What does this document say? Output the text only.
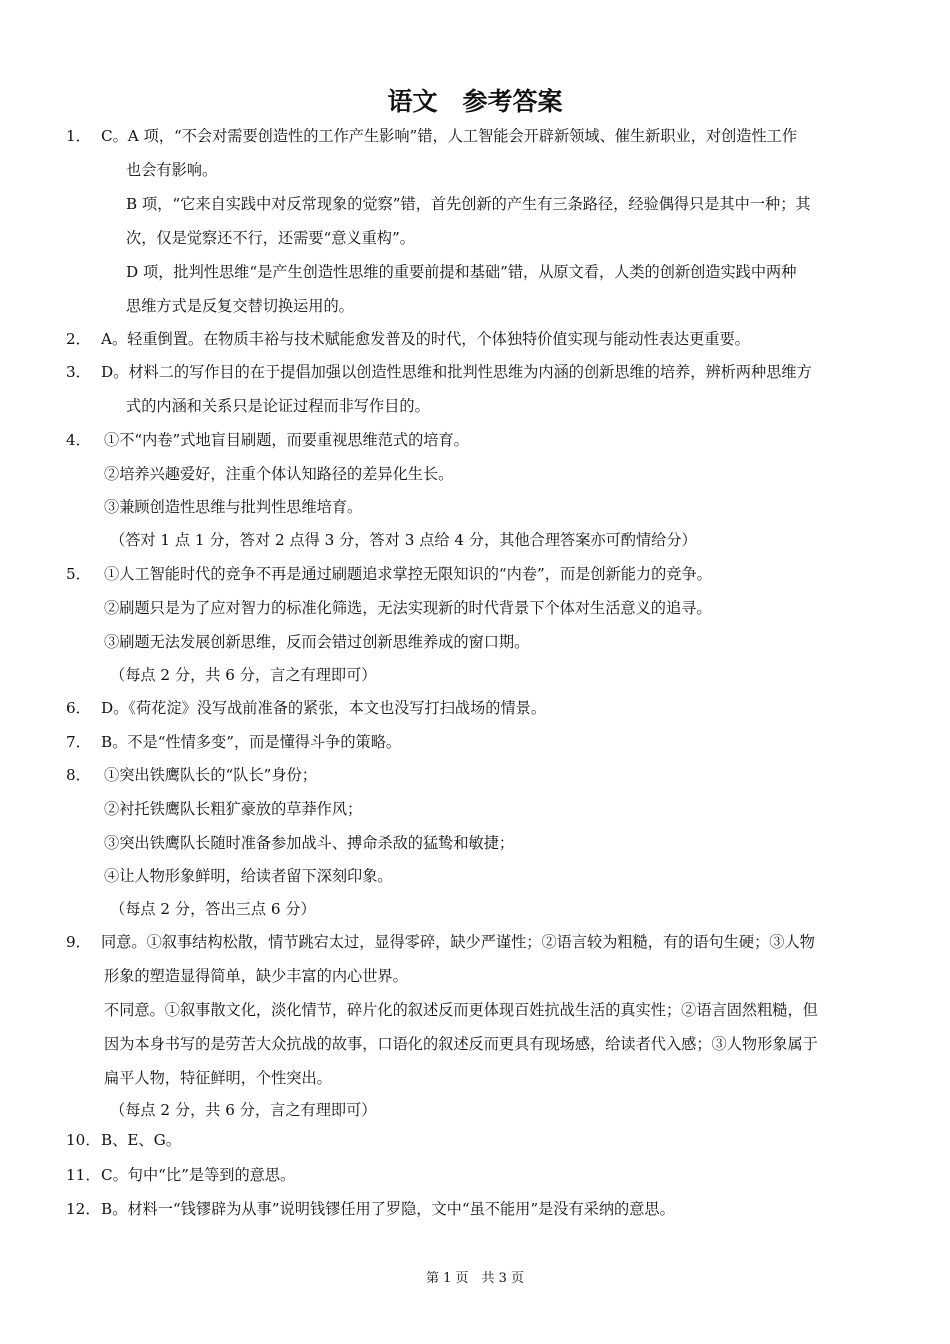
语文　参考答案
1． C。A 项，“不会对需要创造性的工作产生影响”错，人工智能会开辟新领域、催生新职业，对创造性工作
也会有影响。
B 项，“它来自实践中对反常现象的觉察”错，首先创新的产生有三条路径，经验偶得只是其中一种；其
次，仅是觉察还不行，还需要“意义重构”。
D 项，批判性思维“是产生创造性思维的重要前提和基础”错，从原文看，人类的创新创造实践中两种
思维方式是反复交替切换运用的。
2． A。轻重倒置。在物质丰裕与技术赋能愈发普及的时代，个体独特价值实现与能动性表达更重要。
3． D。材料二的写作目的在于提倡加强以创造性思维和批判性思维为内涵的创新思维的培养，辨析两种思维方
式的内涵和关系只是论证过程而非写作目的。
4． ①不“内卷”式地盲目刷题，而要重视思维范式的培育。
②培养兴趣爱好，注重个体认知路径的差异化生长。
③兼顾创造性思维与批判性思维培育。
（答对 1 点 1 分，答对 2 点得 3 分，答对 3 点给 4 分，其他合理答案亦可酌情给分）
5． ①人工智能时代的竞争不再是通过刷题追求掌控无限知识的“内卷”，而是创新能力的竞争。
②刷题只是为了应对智力的标准化筛选，无法实现新的时代背景下个体对生活意义的追寻。
③刷题无法发展创新思维，反而会错过创新思维养成的窗口期。
（每点 2 分，共 6 分，言之有理即可）
6． D。《荷花淀》没写战前准备的紧张，本文也没写打扫战场的情景。
7． B。不是“性情多变”，而是懂得斗争的策略。
8． ①突出铁鹰队长的“队长”身份；
②衬托铁鹰队长粗犷豪放的草莽作风；
③突出铁鹰队长随时准备参加战斗、搏命杀敌的猛鸷和敏捷；
④让人物形象鲜明，给读者留下深刻印象。
（每点 2 分，答出三点 6 分）
9． 同意。①叙事结构松散，情节跳宕太过，显得零碎，缺少严谨性；②语言较为粗糙，有的语句生硬；③人物
形象的塑造显得简单，缺少丰富的内心世界。
不同意。①叙事散文化，淡化情节，碎片化的叙述反而更体现百姓抗战生活的真实性；②语言固然粗糙，但
因为本身书写的是劳苦大众抗战的故事，口语化的叙述反而更具有现场感，给读者代入感；③人物形象属于
扁平人物，特征鲜明，个性突出。
（每点 2 分，共 6 分，言之有理即可）
10． B、E、G。
11． C。句中“比”是等到的意思。
12． B。材料一“钱镠辟为从事”说明钱镠任用了罗隐，文中“虽不能用”是没有采纳的意思。
第 1 页　共 3 页
